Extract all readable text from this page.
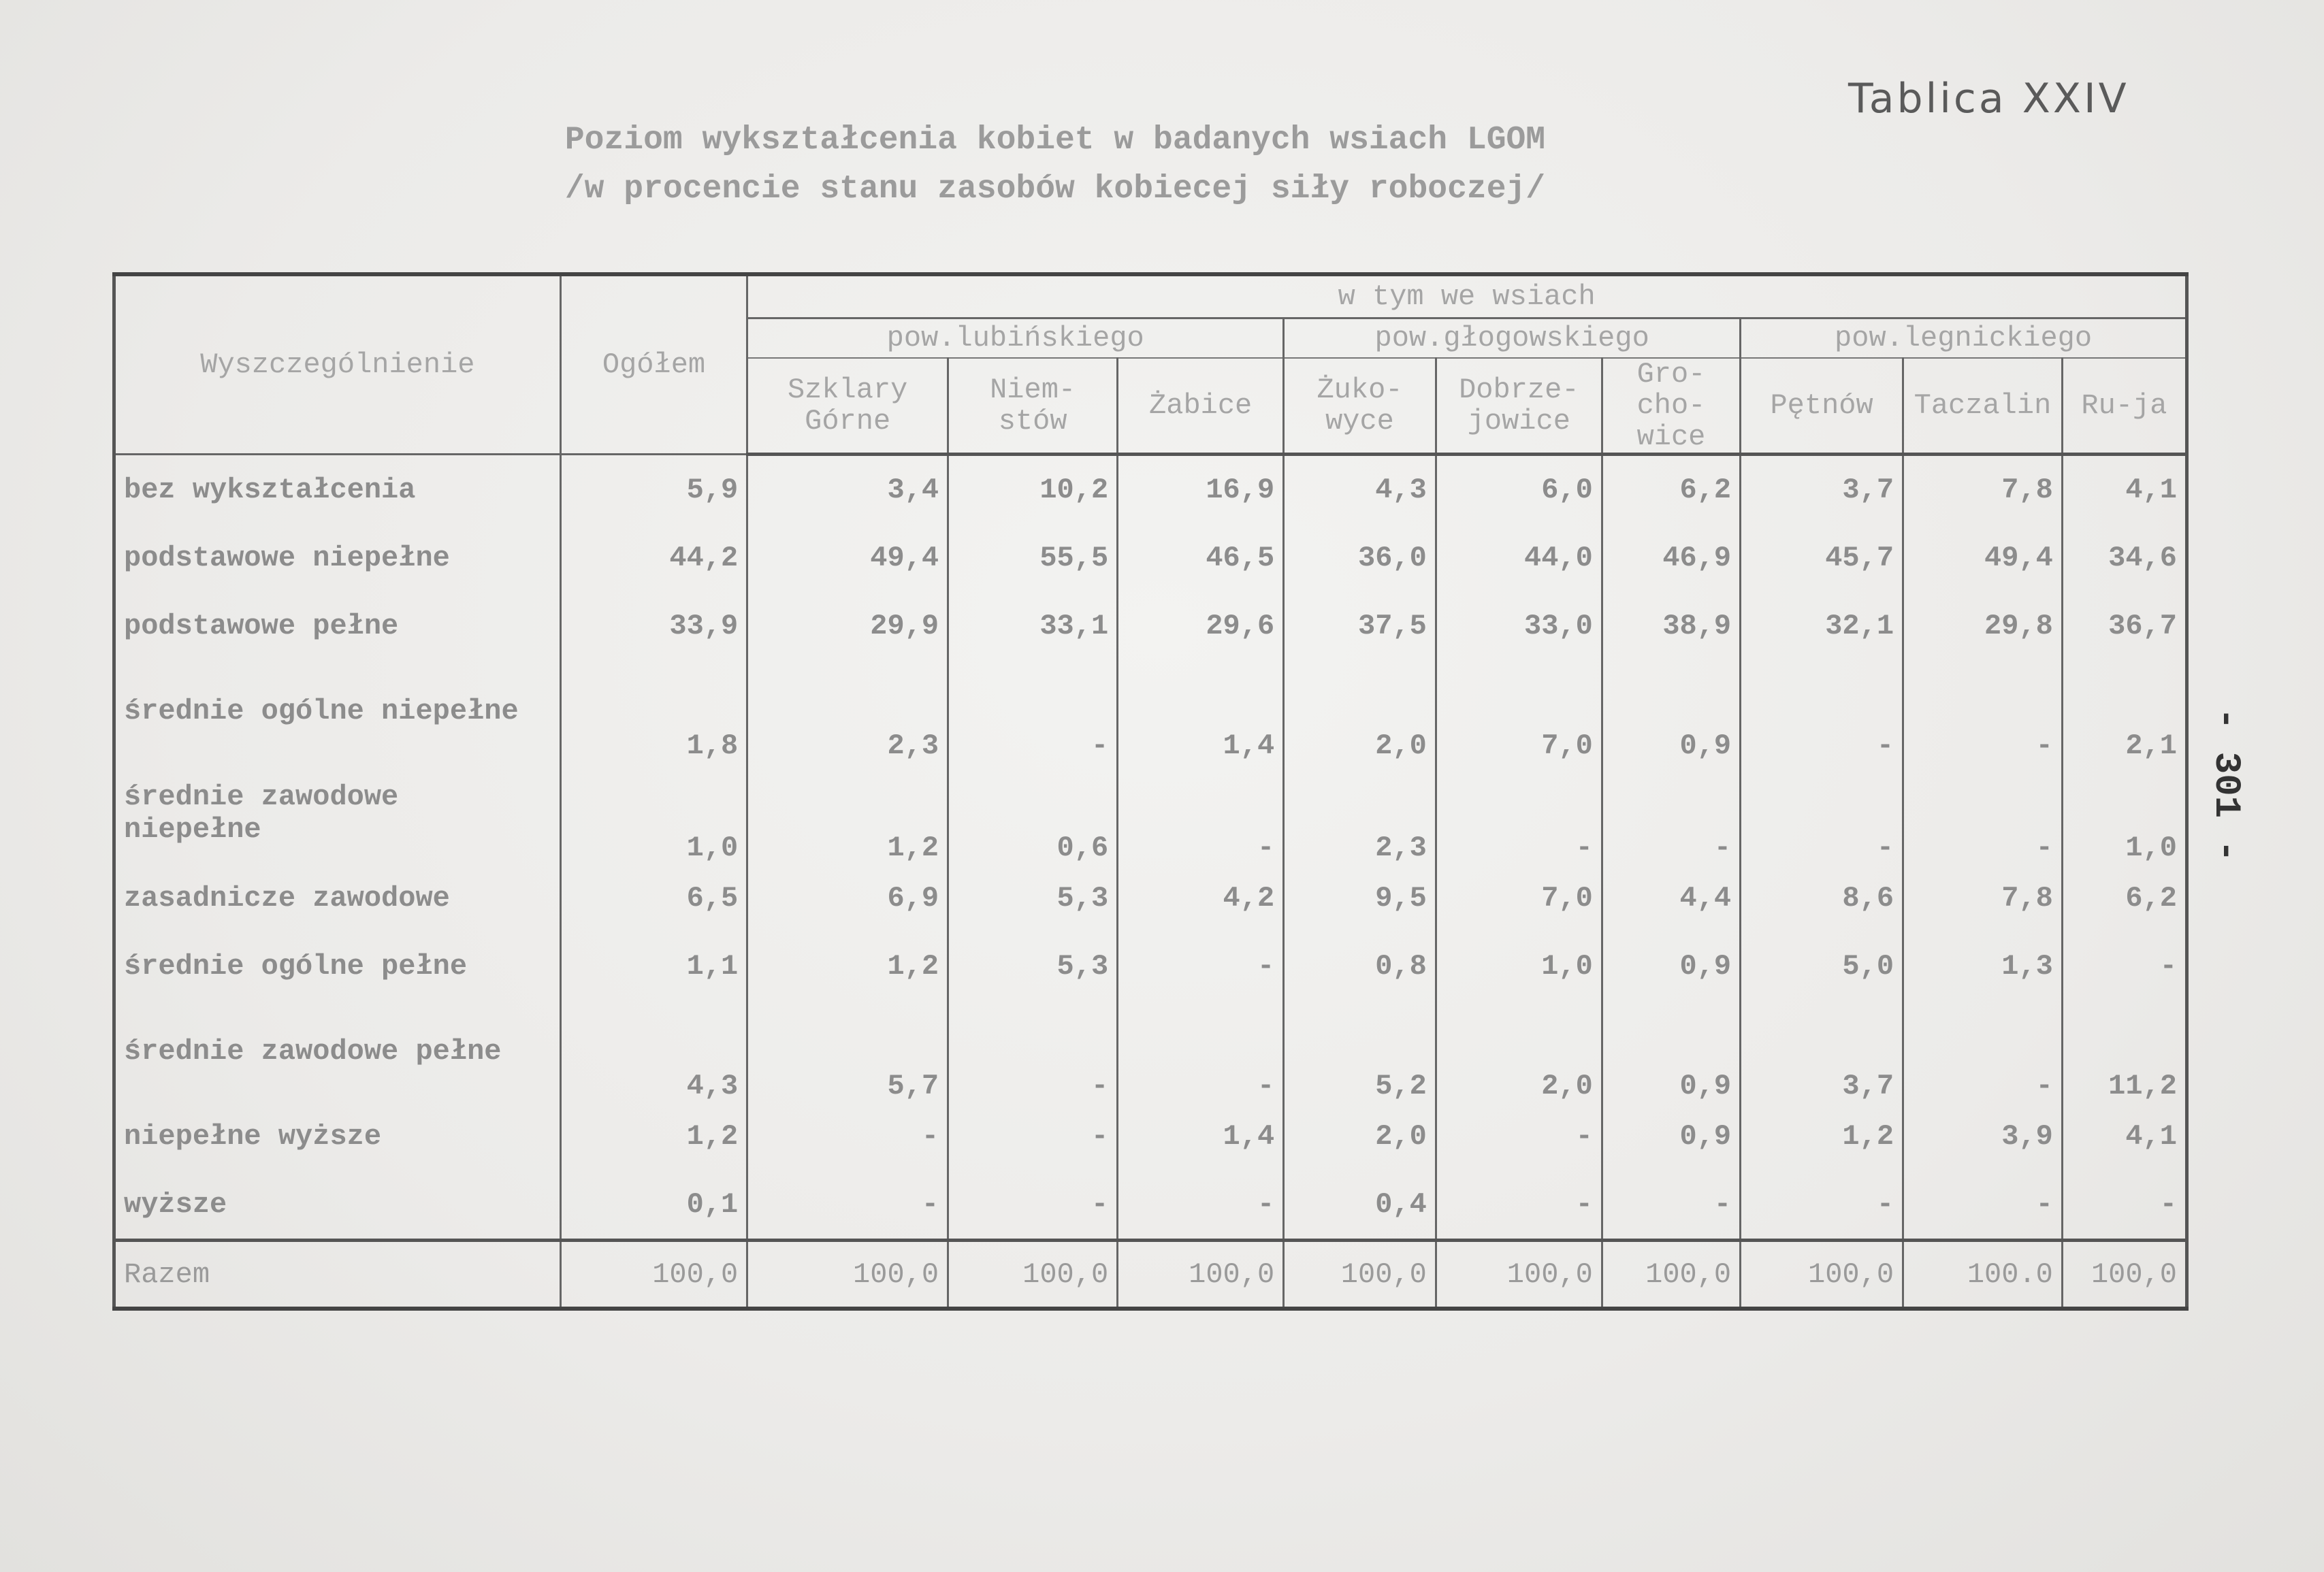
Tablica XXIV
Poziom wykształcenia kobiet w badanych wsiach LGOM
/w procencie stanu zasobów kobiecej siły roboczej/
- 301 -
Wyszczególnienie	Ogółem	w tym we wsiach								
		pow.lubińskiego			pow.głogowskiego			pow.legnickiego		
		Szklary Górne	Niem-stów	Żabice	Żuko-wyce	Dobrze-jowice	Gro-cho-wice	Pętnów	Taczalin	Ru-ja
bez wykształcenia	5,9	3,4	10,2	16,9	4,3	6,0	6,2	3,7	7,8	4,1
podstawowe niepełne	44,2	49,4	55,5	46,5	36,0	44,0	46,9	45,7	49,4	34,6
podstawowe pełne	33,9	29,9	33,1	29,6	37,5	33,0	38,9	32,1	29,8	36,7
średnie ogólne niepełne	1,8	2,3	-	1,4	2,0	7,0	0,9	-	-	2,1
średnie zawodowe niepełne	1,0	1,2	0,6	-	2,3	-	-	-	-	1,0
zasadnicze zawodowe	6,5	6,9	5,3	4,2	9,5	7,0	4,4	8,6	7,8	6,2
średnie ogólne pełne	1,1	1,2	5,3	-	0,8	1,0	0,9	5,0	1,3	-
średnie zawodowe pełne	4,3	5,7	-	-	5,2	2,0	0,9	3,7	-	11,2
niepełne wyższe	1,2	-	-	1,4	2,0	-	0,9	1,2	3,9	4,1
wyższe	0,1	-	-	-	0,4	-	-	-	-	-
Razem	100,0	100,0	100,0	100,0	100,0	100,0	100,0	100,0	100.0	100,0
